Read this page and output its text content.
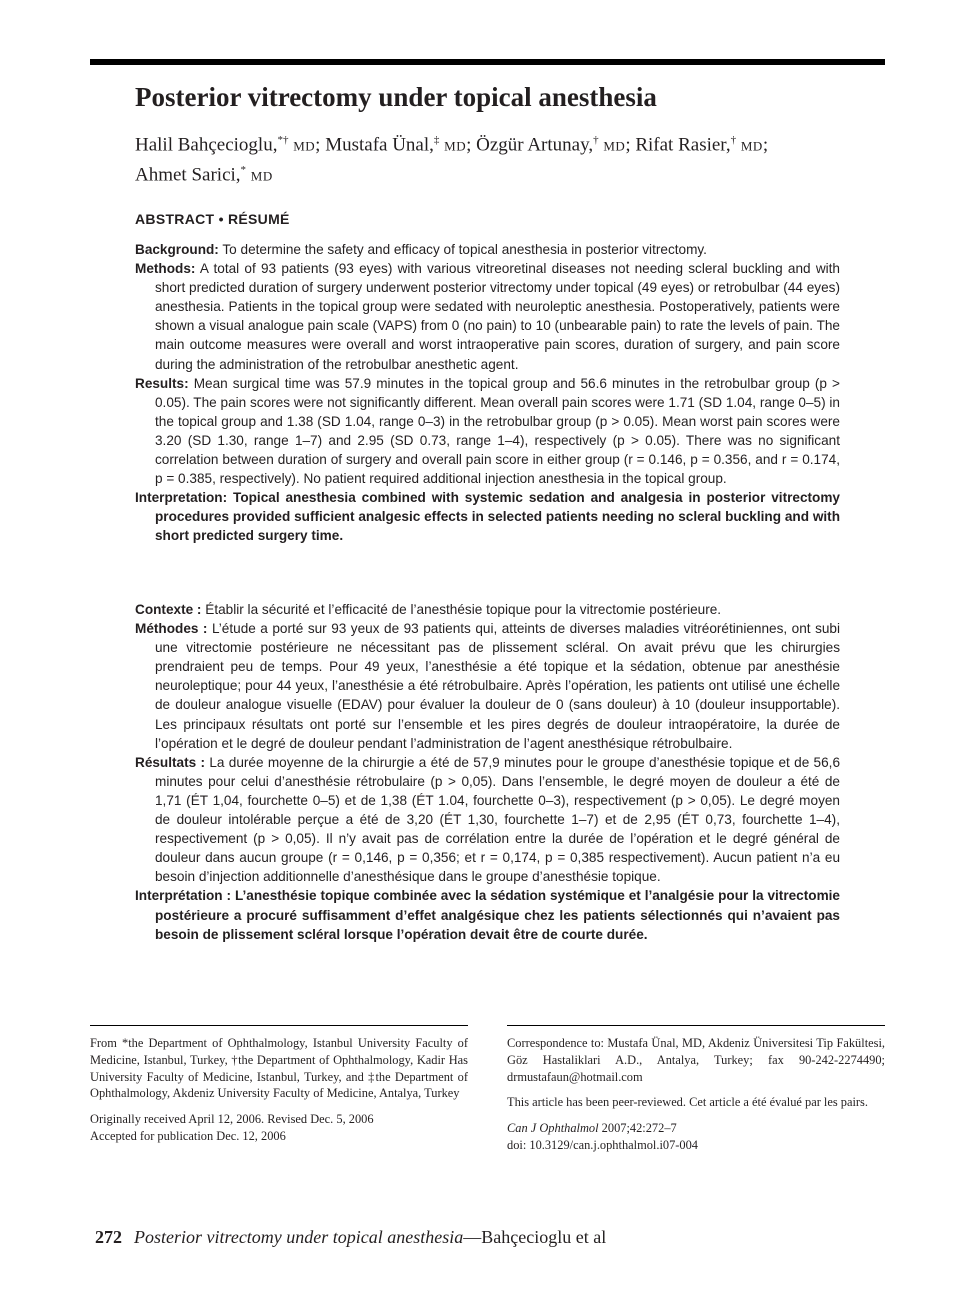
Posterior vitrectomy under topical anesthesia
Halil Bahçecioglu,*† MD; Mustafa Ünal,‡ MD; Özgür Artunay,† MD; Rifat Rasier,† MD;
Ahmet Sarici,* MD
ABSTRACT • RÉSUMÉ

Background: To determine the safety and efficacy of topical anesthesia in posterior vitrectomy.

Methods: A total of 93 patients (93 eyes) with various vitreoretinal diseases not needing scleral buckling and with short predicted duration of surgery underwent posterior vitrectomy under topical (49 eyes) or retrobulbar (44 eyes) anesthesia. Patients in the topical group were sedated with neuroleptic anesthesia. Postoperatively, patients were shown a visual analogue pain scale (VAPS) from 0 (no pain) to 10 (unbearable pain) to rate the levels of pain. The main outcome measures were overall and worst intraoperative pain scores, duration of surgery, and pain score during the administration of the retrobulbar anesthetic agent.

Results: Mean surgical time was 57.9 minutes in the topical group and 56.6 minutes in the retrobulbar group (p > 0.05). The pain scores were not significantly different. Mean overall pain scores were 1.71 (SD 1.04, range 0–5) in the topical group and 1.38 (SD 1.04, range 0–3) in the retrobulbar group (p > 0.05). Mean worst pain scores were 3.20 (SD 1.30, range 1–7) and 2.95 (SD 0.73, range 1–4), respectively (p > 0.05). There was no significant correlation between duration of surgery and overall pain score in either group (r = 0.146, p = 0.356, and r = 0.174, p = 0.385, respectively). No patient required additional injection anesthesia in the topical group.

Interpretation: Topical anesthesia combined with systemic sedation and analgesia in posterior vitrectomy procedures provided sufficient analgesic effects in selected patients needing no scleral buckling and with short predicted surgery time.

Contexte : Établir la sécurité et l’efficacité de l’anesthésie topique pour la vitrectomie postérieure.

Méthodes : L’étude a porté sur 93 yeux de 93 patients qui, atteints de diverses maladies vitréorétiniennes, ont subi une vitrectomie postérieure ne nécessitant pas de plissement scléral. On avait prévu que les chirurgies prendraient peu de temps. Pour 49 yeux, l’anesthésie a été topique et la sédation, obtenue par anesthésie neuroleptique; pour 44 yeux, l’anesthésie a été rétrobulbaire. Après l’opération, les patients ont utilisé une échelle de douleur analogue visuelle (EDAV) pour évaluer la douleur de 0 (sans douleur) à 10 (douleur insupportable). Les principaux résultats ont porté sur l’ensemble et les pires degrés de douleur intraopératoire, la durée de l’opération et le degré de douleur pendant l’administration de l’agent anesthésique rétrobulbaire.

Résultats : La durée moyenne de la chirurgie a été de 57,9 minutes pour le groupe d’anesthésie topique et de 56,6 minutes pour celui d’anesthésie rétrobulaire (p > 0,05). Dans l’ensemble, le degré moyen de douleur a été de 1,71 (ÉT 1,04, fourchette 0–5) et de 1,38 (ÉT 1.04, fourchette 0–3), respectivement (p > 0,05). Le degré moyen de douleur intolérable perçue a été de 3,20 (ÉT 1,30, fourchette 1–7) et de 2,95 (ÉT 0,73, fourchette 1–4), respectivement (p > 0,05). Il n’y avait pas de corrélation entre la durée de l’opération et le degré général de douleur dans aucun groupe (r = 0,146, p = 0,356; et r = 0,174, p = 0,385 respectivement). Aucun patient n’a eu besoin d’injection additionnelle d’anesthésique dans le groupe d’anesthésie topique.

Interprétation : L’anesthésie topique combinée avec la sédation systémique et l’analgésie pour la vitrectomie postérieure a procuré suffisamment d’effet analgésique chez les patients sélectionnés qui n’avaient pas besoin de plissement scléral lorsque l’opération devait être de courte durée.

From *the Department of Ophthalmology, Istanbul University Faculty of Medicine, Istanbul, Turkey, †the Department of Ophthalmology, Kadir Has University Faculty of Medicine, Istanbul, Turkey, and ‡the Department of Ophthalmology, Akdeniz University Faculty of Medicine, Antalya, Turkey

Originally received April 12, 2006. Revised Dec. 5, 2006

Accepted for publication Dec. 12, 2006

Correspondence to: Mustafa Ünal, MD, Akdeniz Üniversitesi Tip Fakültesi, Göz Hastaliklari A.D., Antalya, Turkey; fax 90-242-2274490; drmustafaun@hotmail.com

This article has been peer-reviewed. Cet article a été évalué par les pairs.

Can J Ophthalmol 2007;42:272–7

doi: 10.3129/can.j.ophthalmol.i07-004

272 Posterior vitrectomy under topical anesthesia—Bahçecioglu et al
